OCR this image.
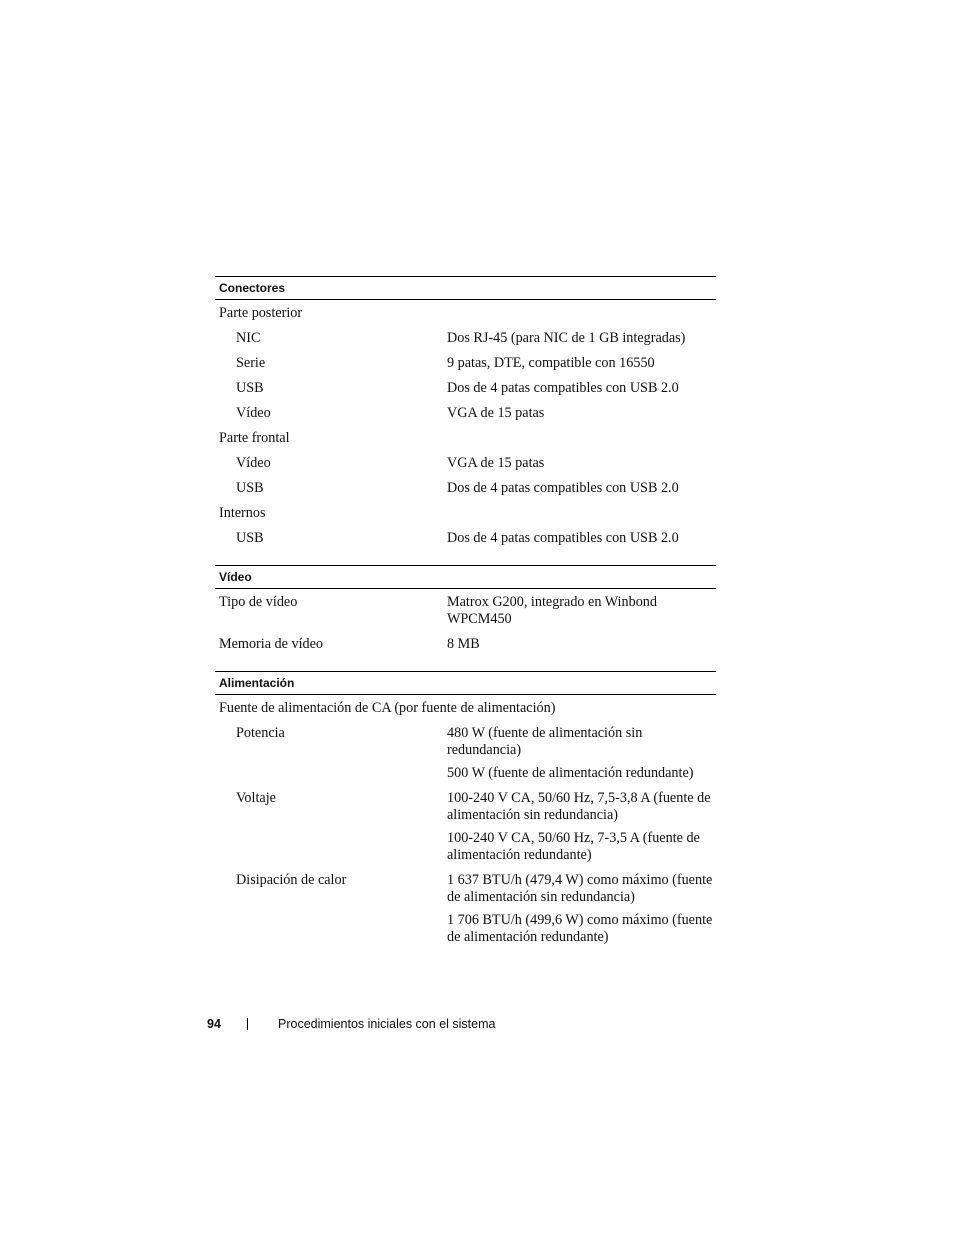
Conectores
Parte posterior
NIC	Dos RJ-45 (para NIC de 1 GB integradas)
Serie	9 patas, DTE, compatible con 16550
USB	Dos de 4 patas compatibles con USB 2.0
Vídeo	VGA de 15 patas
Parte frontal
Vídeo	VGA de 15 patas
USB	Dos de 4 patas compatibles con USB 2.0
Internos
USB	Dos de 4 patas compatibles con USB 2.0
Vídeo
Tipo de vídeo	Matrox G200, integrado en Winbond WPCM450
Memoria de vídeo	8 MB
Alimentación
Fuente de alimentación de CA (por fuente de alimentación)
Potencia	480 W (fuente de alimentación sin redundancia)
500 W (fuente de alimentación redundante)
Voltaje	100-240 V CA, 50/60 Hz, 7,5-3,8 A (fuente de alimentación sin redundancia)
100-240 V CA, 50/60 Hz, 7-3,5 A (fuente de alimentación redundante)
Disipación de calor	1 637 BTU/h (479,4 W) como máximo (fuente de alimentación sin redundancia)
1 706 BTU/h (499,6 W) como máximo (fuente de alimentación redundante)
94	Procedimientos iniciales con el sistema
